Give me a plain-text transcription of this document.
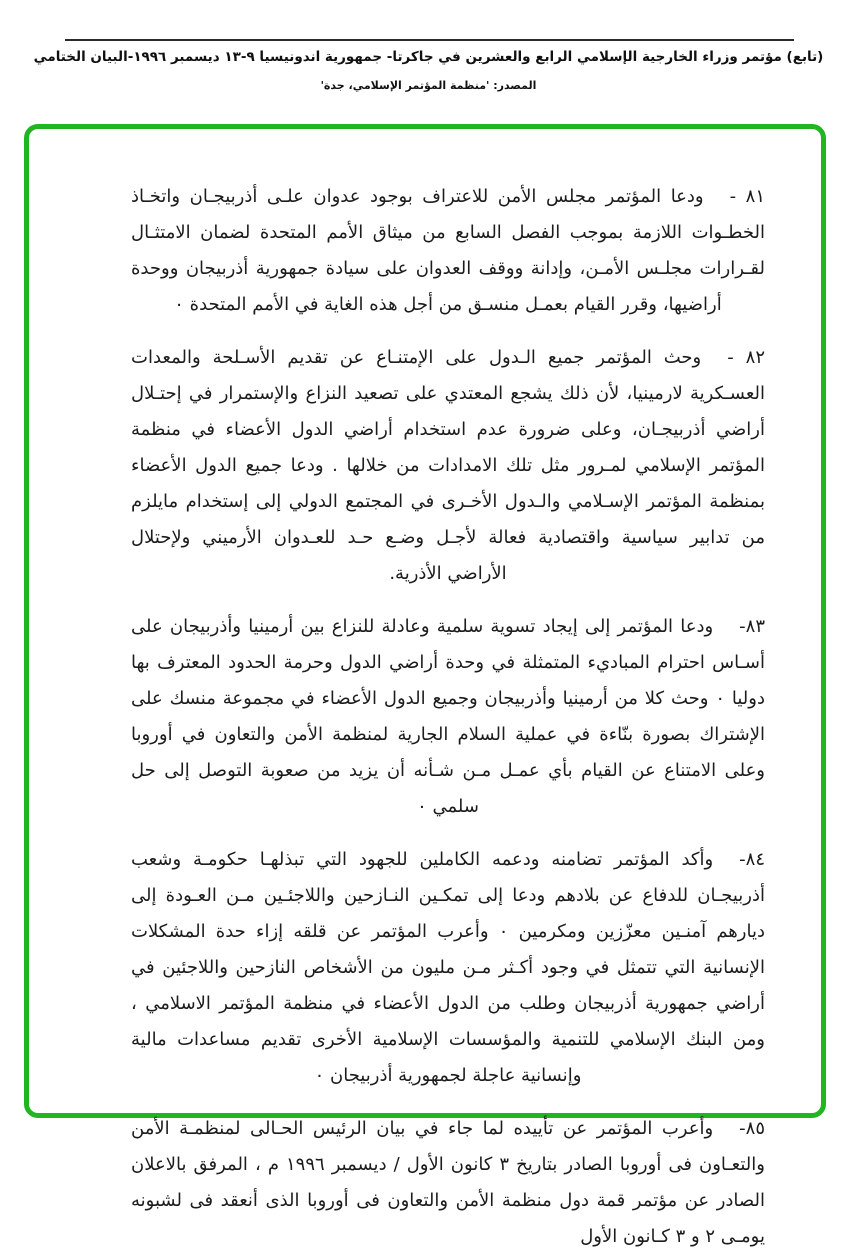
(تابع) مؤتمر وزراء الخارجية الإسلامي الرابع والعشرين في جاكرتا- جمهورية اندونيسيا ٩-١٣ ديسمبر ١٩٩٦-البيان الختامي
المصدر: 'منظمة المؤتمر الإسلامي، جدة'

٨١ -ودعا المؤتمر مجلس الأمن للاعتراف بوجود عدوان علـى أذربيجـان واتخـاذ الخطـوات اللازمة بموجب الفصل السابع من ميثاق الأمم المتحدة لضمان الامتثـال لقـرارات مجلـس الأمـن، وإدانة ووقف العدوان على سيادة جمهورية أذربيجان ووحدة أراضيها، وقرر القيام بعمـل منسـق من أجل هذه الغاية في الأمم المتحدة ٠

٨٢ -وحث المؤتمر جميع الـدول على الإمتنـاع عن تقديم الأسـلحة والمعدات العسـكرية لارمينيا، لأن ذلك يشجع المعتدي على تصعيد النزاع والإستمرار في إحتـلال أراضي أذربيجـان، وعلى ضرورة عدم استخدام أراضي الدول الأعضاء في منظمة المؤتمر الإسلامي لمـرور مثل تلك الامدادات من خلالها . ودعا جميع الدول الأعضاء بمنظمة المؤتمر الإسـلامي والـدول الأخـرى في المجتمع الدولي إلى إستخدام مايلزم من تدابير سياسية واقتصادية فعالة لأجـل وضـع حـد للعـدوان الأرميني ولإحتلال الأراضي الأذرية.

٨٣-ودعا المؤتمر إلى إيجاد تسوية سلمية وعادلة للنزاع بين أرمينيا وأذربيجان على أسـاس احترام المباديء المتمثلة في وحدة أراضي الدول وحرمة الحدود المعترف بها دوليا ٠ وحث كلا من أرمينيا وأذربيجان وجميع الدول الأعضاء في مجموعة منسك على الإشتراك بصورة بنّاءة في عملية السلام الجارية لمنظمة الأمن والتعاون في أوروبا وعلى الامتناع عن القيام بأي عمـل مـن شـأنه أن يزيد من صعوبة التوصل إلى حل سلمي ٠

٨٤-وأكد المؤتمر تضامنه ودعمه الكاملين للجهود التي تبذلهـا حكومـة وشعب أذربيجـان للدفاع عن بلادهم ودعا إلى تمكـين النـازحين واللاجئـين مـن العـودة إلى ديارهم آمنـين معزّزين ومكرمين ٠ وأعرب المؤتمر عن قلقه إزاء حدة المشكلات الإنسانية التي تتمثل في وجود أكـثر مـن مليون من الأشخاص النازحين واللاجئين في أراضي جمهورية أذربيجان وطلب من الدول الأعضاء في منظمة المؤتمر الاسلامي ، ومن البنك الإسلامي للتنمية والمؤسسات الإسلامية الأخرى تقديم مساعدات مالية وإنسانية عاجلة لجمهورية أذربيجان ٠

٨٥-وأعرب المؤتمر عن تأييده لما جاء في بيان الرئيس الحـالى لمنظمـة الأمن والتعـاون فى أوروبا الصادر بتاريخ ٣ كانون الأول / ديسمبر ١٩٩٦ م ، المرفق بالاعلان الصادر عن مؤتمر قمة دول منظمة الأمن والتعاون فى أوروبا الذى أنعقد فى لشبونه يومـى ٢ و ٣ كـانون الأول
